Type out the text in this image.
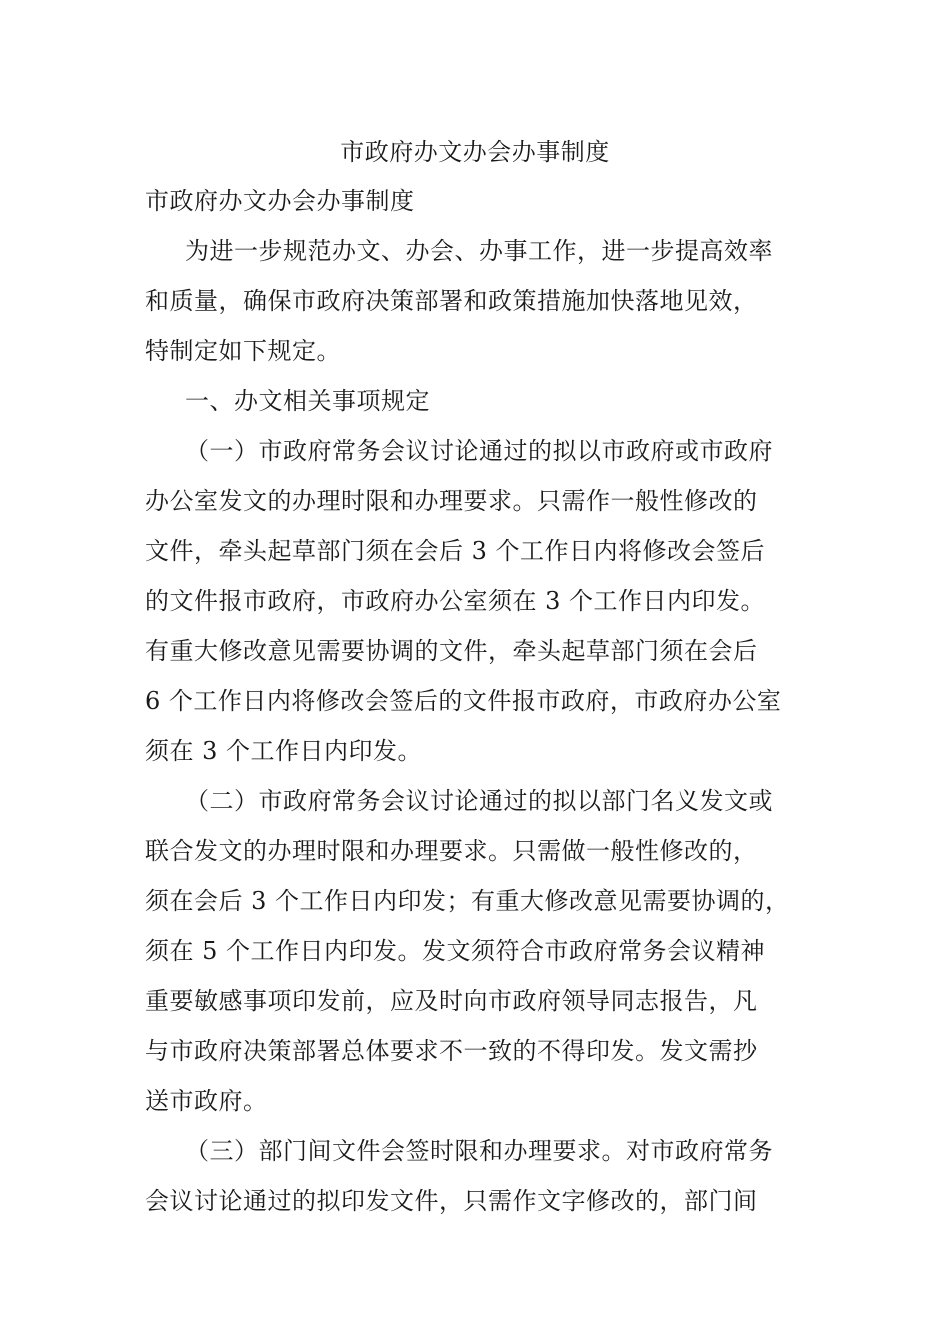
市政府办文办会办事制度
市政府办文办会办事制度
为进一步规范办文、办会、办事工作，进一步提高效率
和质量，确保市政府决策部署和政策措施加快落地见效，
特制定如下规定。
一、办文相关事项规定
（一）市政府常务会议讨论通过的拟以市政府或市政府
办公室发文的办理时限和办理要求。只需作一般性修改的
文件，牵头起草部门须在会后 3 个工作日内将修改会签后
的文件报市政府，市政府办公室须在 3 个工作日内印发。
有重大修改意见需要协调的文件，牵头起草部门须在会后
6 个工作日内将修改会签后的文件报市政府，市政府办公室
须在 3 个工作日内印发。
（二）市政府常务会议讨论通过的拟以部门名义发文或
联合发文的办理时限和办理要求。只需做一般性修改的，
须在会后 3 个工作日内印发；有重大修改意见需要协调的，
须在 5 个工作日内印发。发文须符合市政府常务会议精神
重要敏感事项印发前，应及时向市政府领导同志报告，凡
与市政府决策部署总体要求不一致的不得印发。发文需抄
送市政府。
（三）部门间文件会签时限和办理要求。对市政府常务
会议讨论通过的拟印发文件，只需作文字修改的，部门间
